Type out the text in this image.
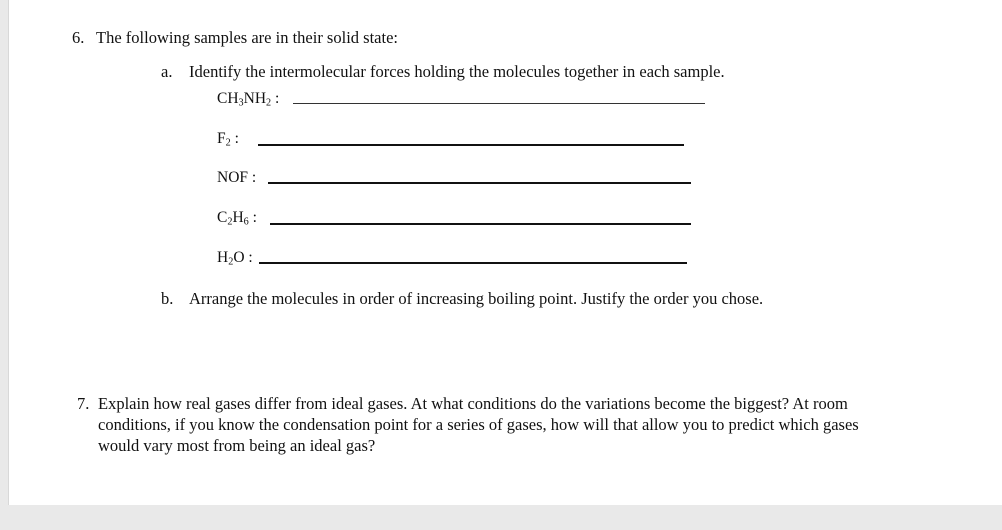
6. The following samples are in their solid state:
a. Identify the intermolecular forces holding the molecules together in each sample.
$CH_3NH_2$ :
$F_2$ :
NOF :
$C_2H_6$ :
$H_2O$ :
b. Arrange the molecules in order of increasing boiling point. Justify the order you chose.
7. Explain how real gases differ from ideal gases. At what conditions do the variations become the biggest? At room
conditions, if you know the condensation point for a series of gases, how will that allow you to predict which gases
would vary most from being an ideal gas?
